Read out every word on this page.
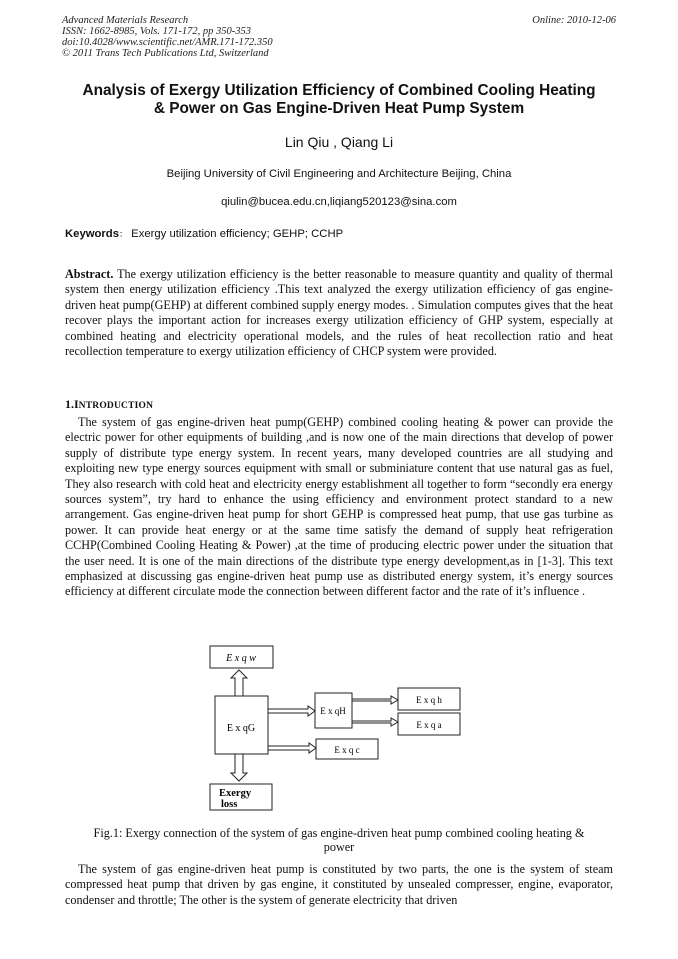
Advanced Materials Research
ISSN: 1662-8985, Vols. 171-172, pp 350-353
doi:10.4028/www.scientific.net/AMR.171-172.350
© 2011 Trans Tech Publications Ltd, Switzerland
Online: 2010-12-06
Analysis of Exergy Utilization Efficiency of Combined Cooling Heating
& Power on Gas Engine-Driven Heat Pump System
Lin Qiu , Qiang Li
Beijing University of Civil Engineering and Architecture Beijing, China
qiulin@bucea.edu.cn,liqiang520123@sina.com
Keywords： Exergy utilization efficiency; GEHP; CCHP

Abstract. The exergy utilization efficiency is the better reasonable to measure quantity and quality of thermal system then energy utilization efficiency .This text analyzed the exergy utilization efficiency of gas engine-driven heat pump(GEHP) at different combined supply energy modes. . Simulation computes gives that the heat recover plays the important action for increases exergy utilization efficiency of GHP system, especially at combined heating and electricity operational models, and the rules of heat recollection ratio and heat recollection temperature to exergy utilization efficiency of CHCP system were provided.

1.INTRODUCTION

The system of gas engine-driven heat pump(GEHP) combined cooling heating & power can provide the electric power for other equipments of building ,and is now one of the main directions that develop of power supply of distribute type energy system. In recent years, many developed countries are all studying and exploiting new type energy sources equipment with small or subminiature content that use natural gas as fuel, They also research with cold heat and electricity energy establishment all together to form “secondly era energy sources system”, try hard to enhance the using efficiency and environment protect standard to a new arrangement. Gas engine-driven heat pump for short GEHP is compressed heat pump, that use gas turbine as power. It can provide heat energy or at the same time satisfy the demand of supply heat refrigeration CCHP(Combined Cooling Heating & Power) ,at the time of producing electric power under the situation that the user need. It is one of the main directions of the distribute type energy development,as in [1-3]. This text emphasized at discussing gas engine-driven heat pump use as distributed energy system, it’s energy sources efficiency at different circulate mode the connection between different factor and the rate of it’s influence .

E x q w
E x qG
E x qH
E x q h
E x q a
E x q c
Exergy
loss
Fig.1: Exergy connection of the system of gas engine-driven heat pump combined cooling heating &
power

The system of gas engine-driven heat pump is constituted by two parts, the one is the system of steam compressed heat pump that driven by gas engine, it constituted by unsealed compresser, engine, evaporator, condenser and throttle; The other is the system of generate electricity that driven
